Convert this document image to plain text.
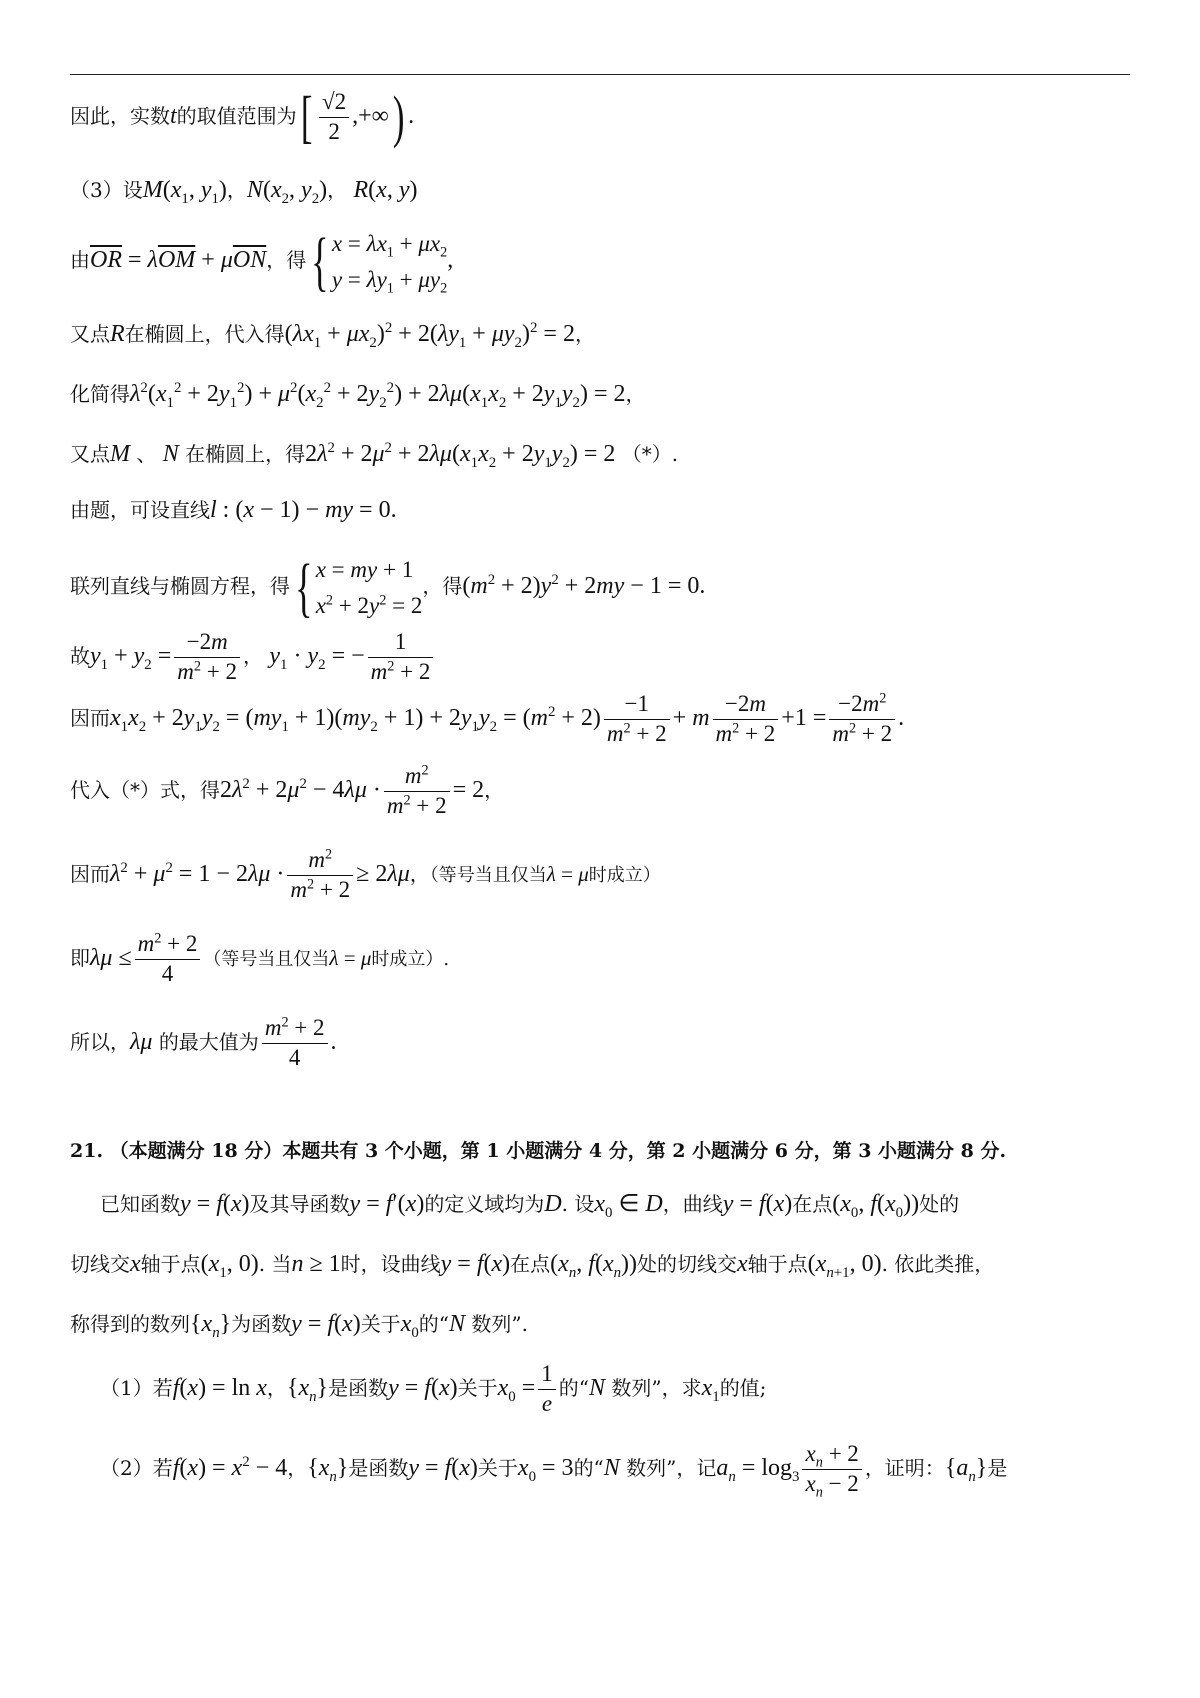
因此，实数t的取值范围为[ $\frac{√2}{2}$ ,+∞) .
（3）设$M(x_1$, $y_1$)，$N(x_2$, $y_2$)， R(x, y)
由$\overline{OR} = \lambda\overline{OM} + \mu\overline{ON}$，得{ $x = \lambda x_1 + \mu x_2$
$y = \lambda y_1 + \mu y_2$,
又点R在椭圆上，代入得$(\lambda x_1 + \mu x_2)^2 + 2(\lambda y_1 + \mu y_2)^2 = 2$，
化简得$\lambda^2(x_1^2 + 2y_1^2) + \mu^2(x_2^2 + 2y_2^2) + 2\lambda\mu(x_1x_2 + 2y_1y_2) = 2$，
又点M 、 N 在椭圆上，得$2\lambda^2 + 2\mu^2 + 2\lambda\mu(x_1x_2 + 2y_1y_2) = 2$ （*）.
由题，可设直线l : (x − 1) − my = 0.
联列直线与椭圆方程，得{ x = my + 1
$x^2 + 2y^2 = 2$，得$(m^2 + 2)y^2 + 2my - 1 = 0$.
故$y_1 + y_2 = \frac{-2m}{m^2 + 2}$ ， $y_1 \cdot y_2$ = − $\frac{1}{m^2 + 2}$
因而$x_1x_2 + 2y_1y_2 = (my_1 + 1)(my_2 + 1) + 2y_1y_2 = (m^2 + 2) \frac{-1}{m^2 + 2} + m \frac{-2m}{m^2 + 2} +1 = \frac{-2m^2}{m^2 + 2}$ .
代入（*）式，得$2\lambda^2 + 2\mu^2 - 4\lambda\mu \cdot \frac{m^2}{m^2 + 2} = 2$，
因而$\lambda^2 + \mu^2 = 1 - 2\lambda\mu \cdot \frac{m^2}{m^2 + 2} \ge 2\lambda\mu$，（等号当且仅当λ = μ时成立）
即$\lambda\mu \le \frac{m^2 + 2}{4}$ （等号当且仅当λ = μ时成立）.
所以，λμ 的最大值为 $\frac{m^2 + 2}{4}$ .
21. （本题满分 18 分）本题共有 3 个小题，第 1 小题满分 4 分，第 2 小题满分 6 分，第 3 小题满分 8 分.
已知函数y = f(x)及其导函数y = f′(x)的定义域均为D. 设$x_0$ ∈ D，曲线y = f(x)在点($x_0$, $f(x_0)$)处的
切线交x轴于点($x_1$, 0). 当n ≥ 1时，设曲线y = f(x)在点($x_n$, $f(x_n)$)处的切线交x轴于点($x_{n+1}$, 0). 依此类推，
称得到的数列$\{x_n\}$为函数y = f(x)关于$x_0$的“N 数列”.
（1）若f(x) = ln x，$\{x_n\}$是函数y = f(x)关于$x_0 = \frac{1}{e}$ 的“N 数列”，求$x_1$的值;
（2）若$f(x) = x^2 - 4$，$\{x_n\}$是函数y = f(x)关于$x_0 = 3$的“N 数列”，记$a_n = \log_3 \frac{x_n + 2}{x_n - 2}$ ，证明：$\{a_n\}$是
